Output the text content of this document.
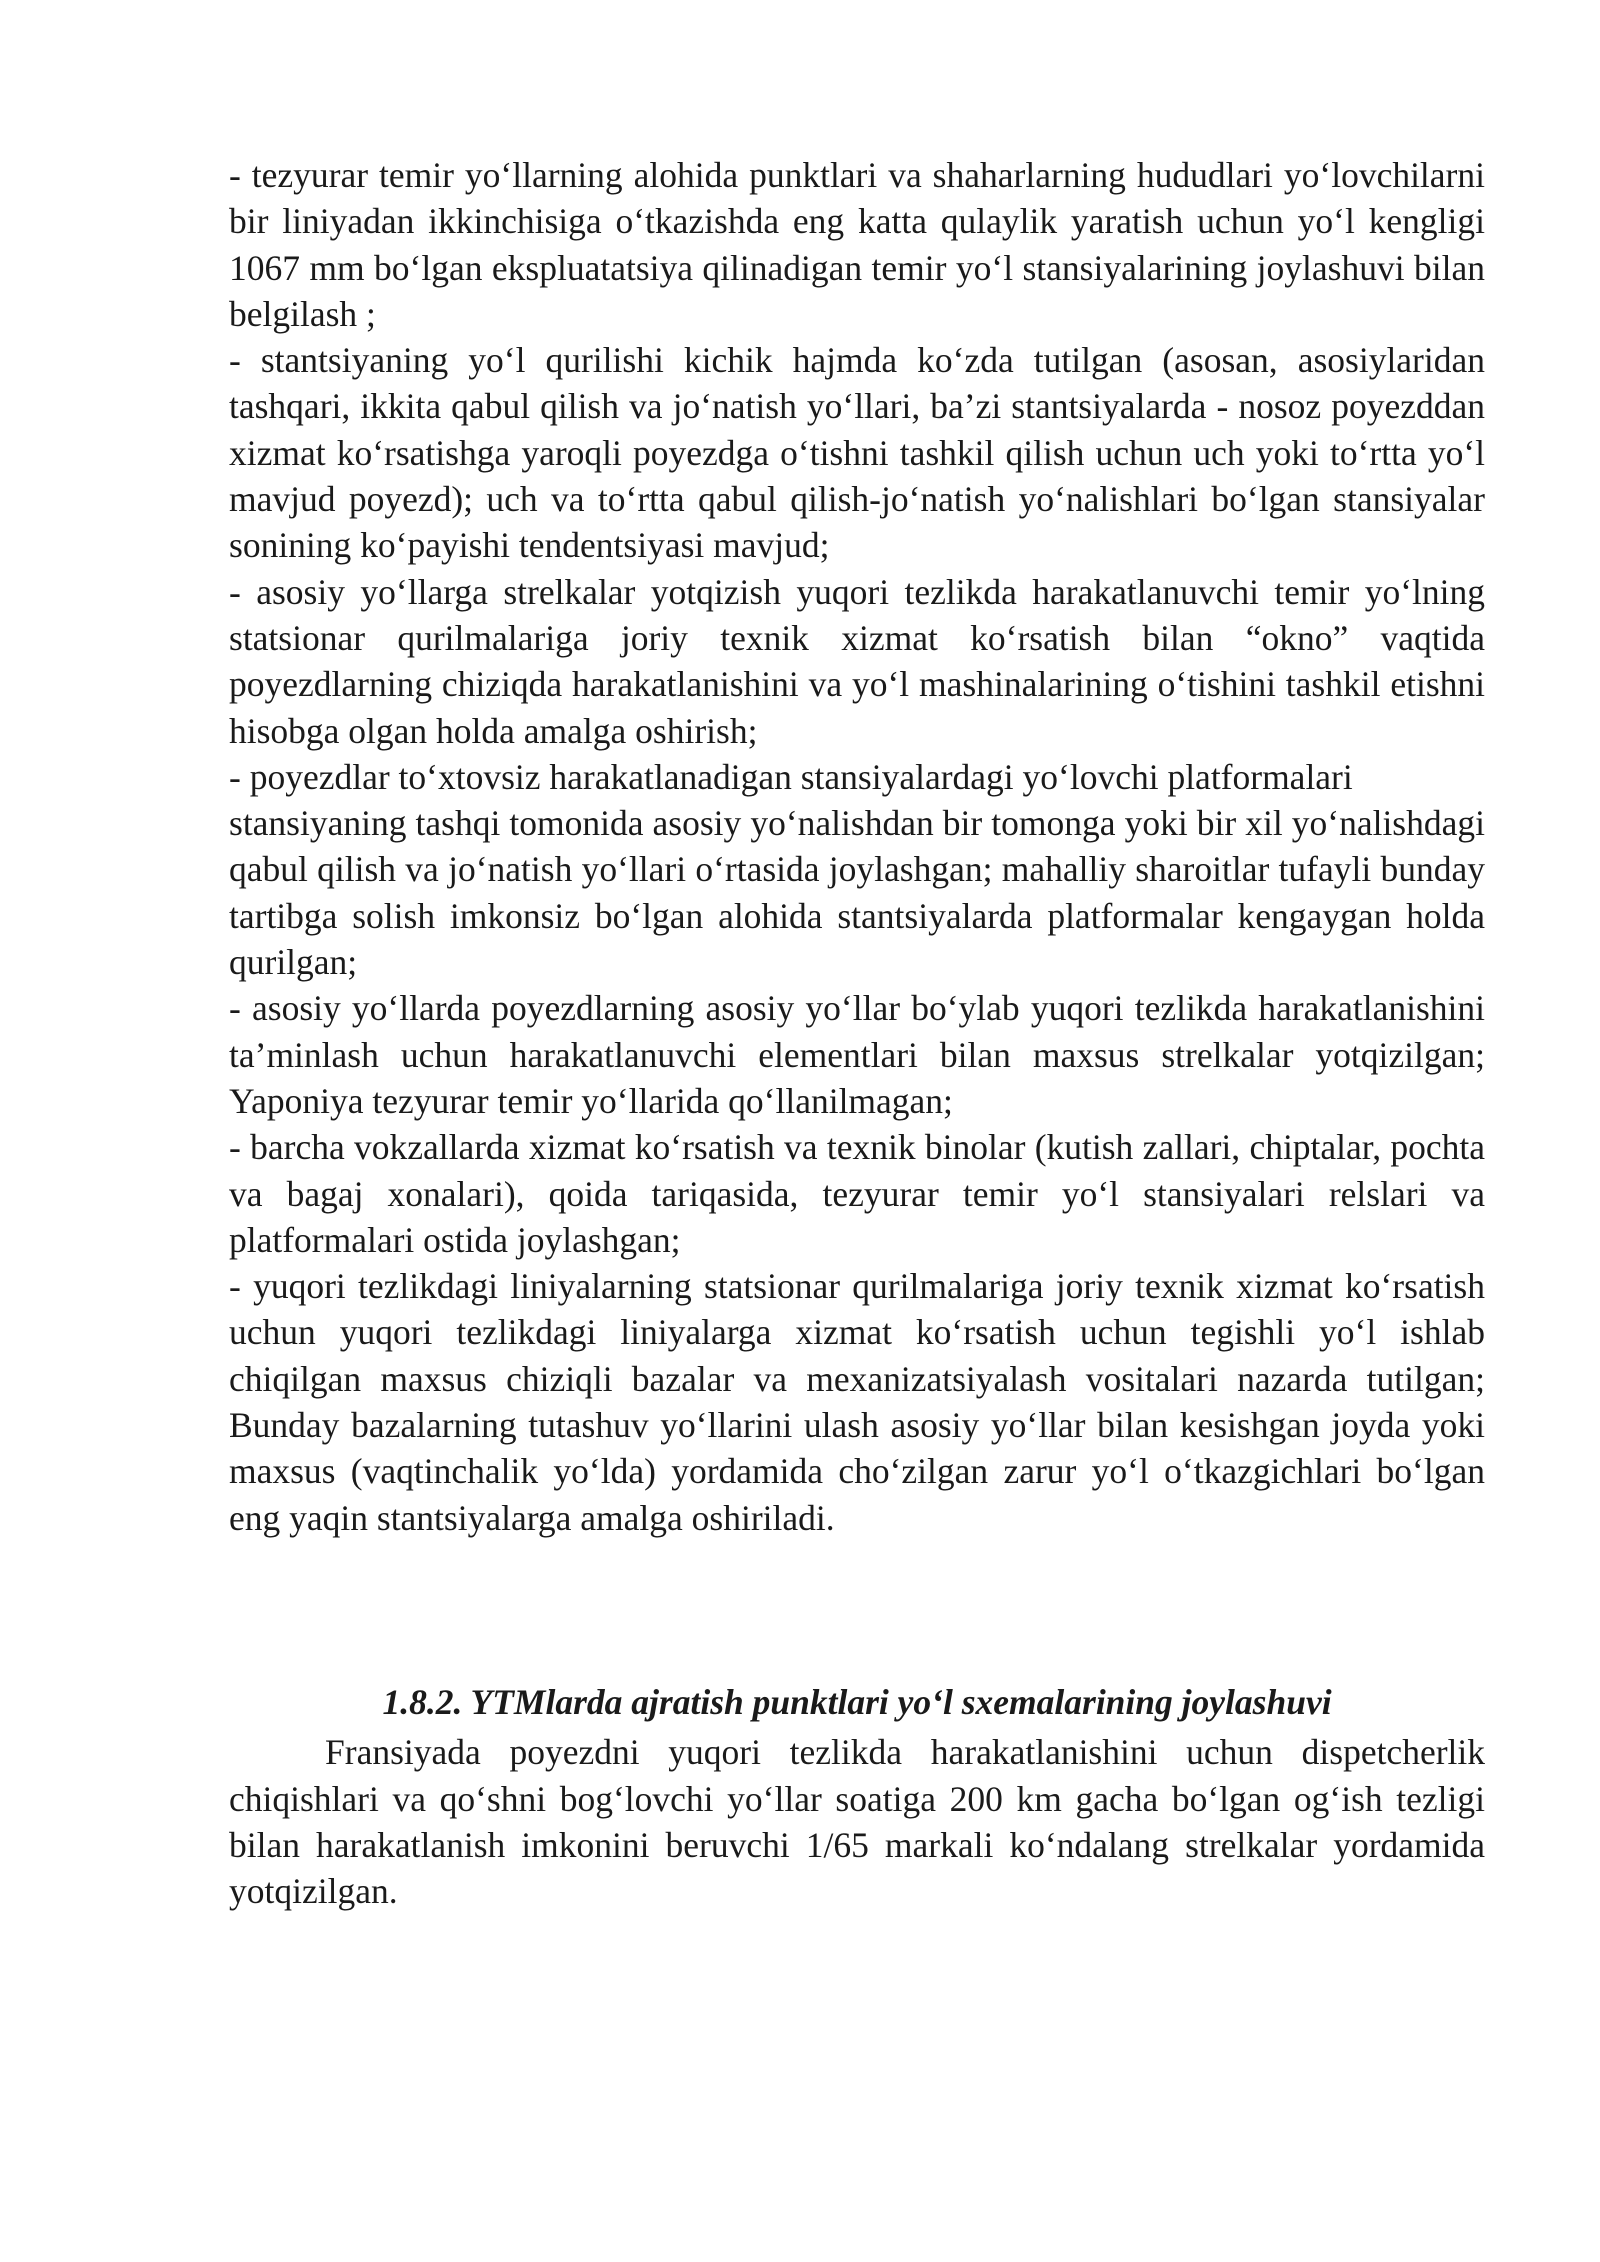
- tezyurar temir yo‘llarning alohida punktlari va shaharlarning hududlari yo‘lovchilarni bir liniyadan ikkinchisiga o‘tkazishda eng katta qulaylik yaratish uchun yo‘l kengligi 1067 mm bo‘lgan ekspluatatsiya qilinadigan temir yo‘l stansiyalarining joylashuvi bilan belgilash ;

- stantsiyaning yo‘l qurilishi kichik hajmda ko‘zda tutilgan (asosan, asosiylaridan tashqari, ikkita qabul qilish va jo‘natish yo‘llari, ba’zi stantsiyalarda - nosoz poyezddan xizmat ko‘rsatishga yaroqli poyezdga o‘tishni tashkil qilish uchun uch yoki to‘rtta yo‘l mavjud poyezd); uch va to‘rtta qabul qilish-jo‘natish yo‘nalishlari bo‘lgan stansiyalar sonining ko‘payishi tendentsiyasi mavjud;

- asosiy yo‘llarga strelkalar yotqizish yuqori tezlikda harakatlanuvchi temir yo‘lning statsionar qurilmalariga joriy texnik xizmat ko‘rsatish bilan “okno” vaqtida poyezdlarning chiziqda harakatlanishini va yo‘l mashinalarining o‘tishini tashkil etishni hisobga olgan holda amalga oshirish;

- poyezdlar to‘xtovsiz harakatlanadigan stansiyalardagi yo‘lovchi platformalari

stansiyaning tashqi tomonida asosiy yo‘nalishdan bir tomonga yoki bir xil yo‘nalishdagi qabul qilish va jo‘natish yo‘llari o‘rtasida joylashgan; mahalliy sharoitlar tufayli bunday tartibga solish imkonsiz bo‘lgan alohida stantsiyalarda platformalar kengaygan holda qurilgan;

- asosiy yo‘llarda poyezdlarning asosiy yo‘llar bo‘ylab yuqori tezlikda harakatlanishini ta’minlash uchun harakatlanuvchi elementlari bilan maxsus strelkalar yotqizilgan; Yaponiya tezyurar temir yo‘llarida qo‘llanilmagan;

- barcha vokzallarda xizmat ko‘rsatish va texnik binolar (kutish zallari, chiptalar, pochta va bagaj xonalari), qoida tariqasida, tezyurar temir yo‘l stansiyalari relslari va platformalari ostida joylashgan;

- yuqori tezlikdagi liniyalarning statsionar qurilmalariga joriy texnik xizmat ko‘rsatish uchun yuqori tezlikdagi liniyalarga xizmat ko‘rsatish uchun tegishli yo‘l ishlab chiqilgan maxsus chiziqli bazalar va mexanizatsiyalash vositalari nazarda tutilgan; Bunday bazalarning tutashuv yo‘llarini ulash asosiy yo‘llar bilan kesishgan joyda yoki maxsus (vaqtinchalik yo‘lda) yordamida cho‘zilgan zarur yo‘l o‘tkazgichlari bo‘lgan eng yaqin stantsiyalarga amalga oshiriladi.

1.8.2. YTMlarda ajratish punktlari yo‘l sxemalarining joylashuvi

Fransiyada poyezdni yuqori tezlikda harakatlanishini uchun dispetcherlik chiqishlari va qo‘shni bog‘lovchi yo‘llar soatiga 200 km gacha bo‘lgan og‘ish tezligi bilan harakatlanish imkonini beruvchi 1/65 markali ko‘ndalang strelkalar yordamida yotqizilgan.
